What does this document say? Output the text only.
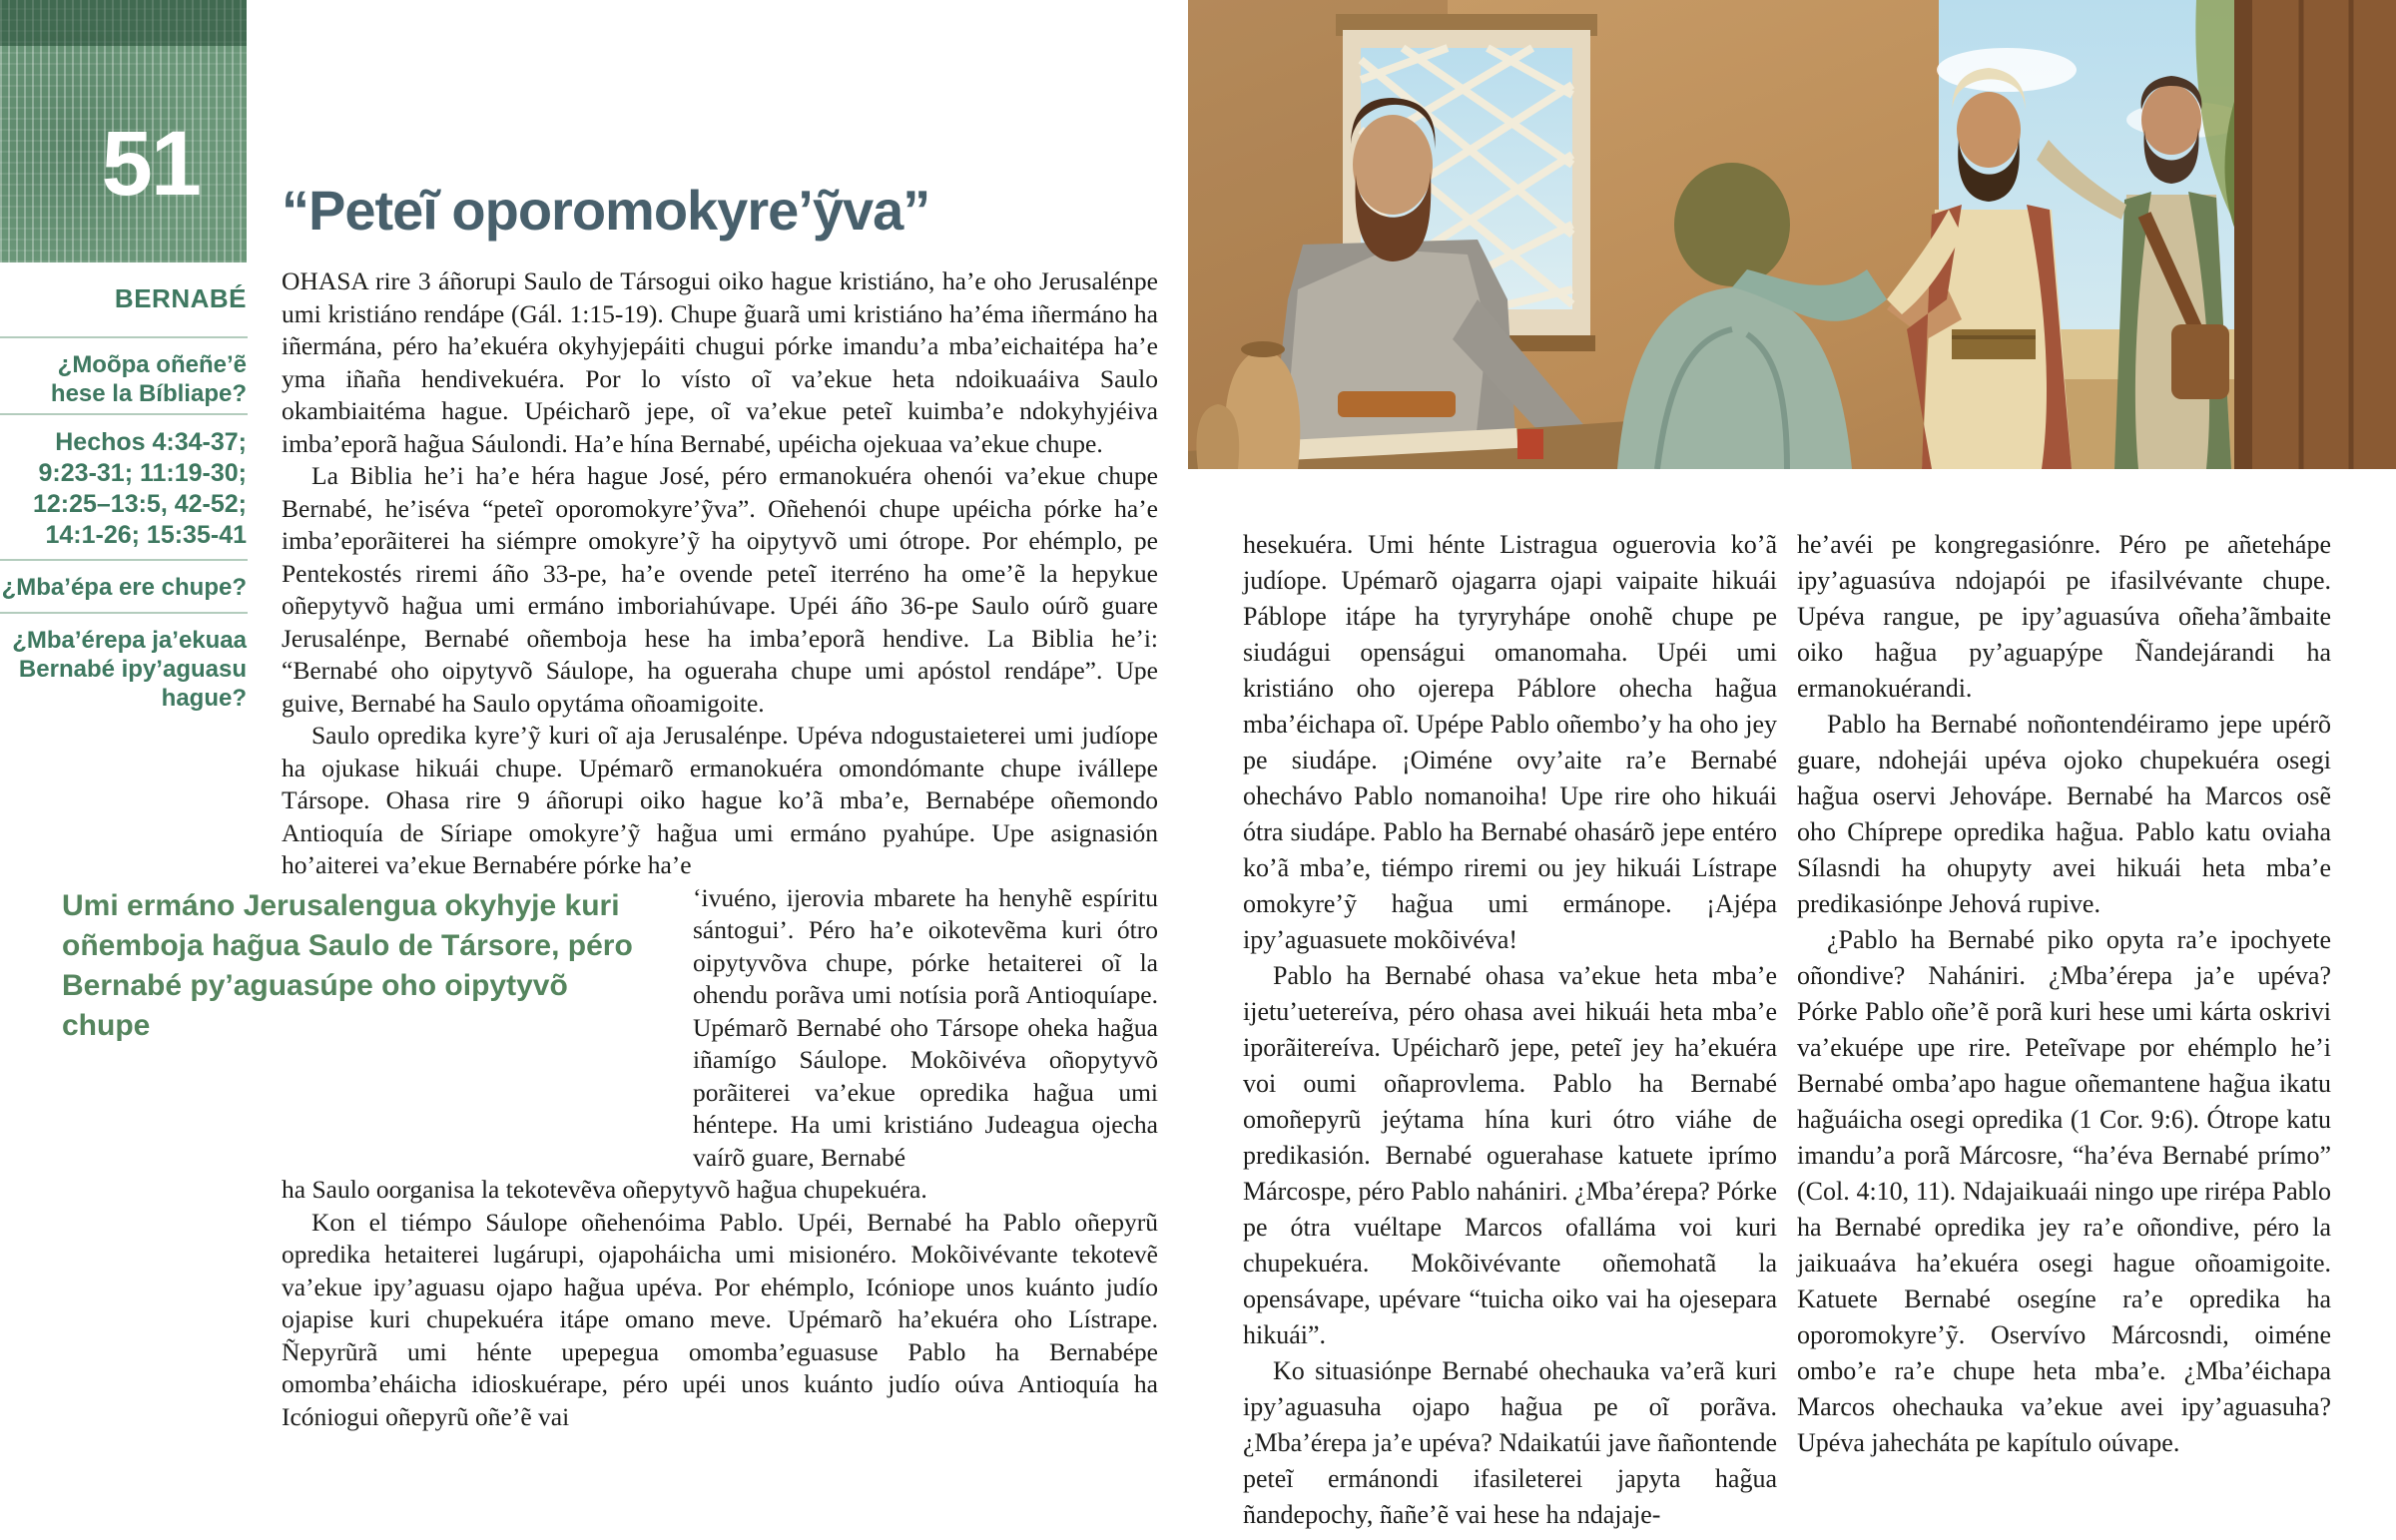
51
BERNABÉ
¿Moõpa oñeñe’ẽ hese la Bíbliape?
Hechos 4:34-37; 9:23-31; 11:19-30; 12:25–13:5, 42-52; 14:1-26; 15:35-41
¿Mba’épa ere chupe?
¿Mba’érepa ja’ekuaa Bernabé ipy’aguasu hague?
“Peteĩ oporomokyre’ỹva”

OHASA rire 3 áñorupi Saulo de Társogui oiko hague kristiáno, ha’e oho Jerusalénpe umi kristiáno rendápe (Gál. 1:15-19). Chupe g̃uarã umi kristiáno ha’éma iñermáno ha iñermána, péro ha’ekuéra okyhyjepáiti chugui pórke imandu’a mba’eichaitépa ha’e yma iñaña hendivekuéra. Por lo vísto oĩ va’ekue heta ndoikuaáiva Saulo okambiaitéma hague. Upéicharõ jepe, oĩ va’ekue peteĩ kuimba’e ndokyhyjéiva imba’eporã hag̃ua Sáulondi. Ha’e hína Bernabé, upéicha ojekuaa va’ekue chupe.

La Biblia he’i ha’e héra hague José, péro ermanokuéra ohenói va’ekue chupe Bernabé, he’iséva “peteĩ oporomokyre’ỹva”. Oñehenói chupe upéicha pórke ha’e imba’eporãiterei ha siémpre omokyre’ỹ ha oipytyvõ umi ótrope. Por ehémplo, pe Pentekostés riremi áño 33-pe, ha’e ovende peteĩ iterréno ha ome’ẽ la hepykue oñepytyvõ hag̃ua umi ermáno imboriahúvape. Upéi áño 36-pe Saulo oúrõ guare Jerusalénpe, Bernabé oñemboja hese ha imba’eporã hendive. La Biblia he’i: “Bernabé oho oipytyvõ Sáulope, ha ogueraha chupe umi apóstol rendápe”. Upe guive, Bernabé ha Saulo opytáma oñoamigoite.

Saulo opredika kyre’ỹ kuri oĩ aja Jerusalénpe. Upéva ndogustaieterei umi judíope ha ojukase hikuái chupe. Upémarõ ermanokuéra omondómante chupe ivállepe Társope. Ohasa rire 9 áñorupi oiko hague ko’ã mba’e, Bernabépe oñemondo Antioquía de Síriape omokyre’ỹ hag̃ua umi ermáno pyahúpe. Upe asignasión ho’aiterei va’ekue Bernabére pórke ha’e

Umi ermáno Jerusalengua okyhyje kuri oñemboja hag̃ua Saulo de Társore, péro Bernabé py’aguasúpe oho oipytyvõ chupe

‘ivuéno, ijerovia mbarete ha henyhẽ espíritu sántogui’. Péro ha’e oikotevẽma kuri ótro oipytyvõva chupe, pórke hetaiterei oĩ la ohendu porãva umi notísia porã Antioquíape. Upémarõ Bernabé oho Társope oheka hag̃ua iñamígo Sáulope. Mokõivéva oñopytyvõ porãiterei va’ekue opredika hag̃ua umi héntepe. Ha umi kristiáno Judeagua ojecha vaírõ guare, Bernabé

ha Saulo oorganisa la tekotevẽva oñepytyvõ hag̃ua chupekuéra.

Kon el tiémpo Sáulope oñehenóima Pablo. Upéi, Bernabé ha Pablo oñepyrũ opredika hetaiterei lugárupi, ojapoháicha umi misionéro. Mokõivévante tekotevẽ va’ekue ipy’aguasu ojapo hag̃ua upéva. Por ehémplo, Icóniope unos kuánto judío ojapise kuri chupekuéra itápe omano meve. Upémarõ ha’ekuéra oho Lístrape. Ñepyrũrã umi hénte upepegua omomba’eguasuse Pablo ha Bernabépe omomba’eháicha idioskuérape, péro upéi unos kuánto judío oúva Antioquía ha Icóniogui oñepyrũ oñe’ẽ vai

hesekuéra. Umi hénte Listragua oguerovia ko’ã judíope. Upémarõ ojagarra ojapi vaipaite hikuái Páblope itápe ha tyryryhápe onohẽ chupe pe siudágui openságui omanomaha. Upéi umi kristiáno oho ojerepa Páblore ohecha hag̃ua mba’éichapa oĩ. Upépe Pablo oñembo’y ha oho jey pe siudápe. ¡Oiméne ovy’aite ra’e Bernabé ohechávo Pablo nomanoiha! Upe rire oho hikuái ótra siudápe. Pablo ha Bernabé ohasárõ jepe entéro ko’ã mba’e, tiémpo riremi ou jey hikuái Lístrape omokyre’ỹ hag̃ua umi ermánope. ¡Ajépa ipy’aguasuete mokõivéva!

Pablo ha Bernabé ohasa va’ekue heta mba’e ijetu’uetereíva, péro ohasa avei hikuái heta mba’e iporãitereíva. Upéicharõ jepe, peteĩ jey ha’ekuéra voi oumi oñaprovlema. Pablo ha Bernabé omoñepyrũ jeýtama hína kuri ótro viáhe de predikasión. Bernabé oguerahase katuete iprímo Márcospe, péro Pablo nahániri. ¿Mba’érepa? Pórke pe ótra vuéltape Marcos ofalláma voi kuri chupekuéra. Mokõivévante oñemohatã la opensávape, upévare “tuicha oiko vai ha ojesepara hikuái”.

Ko situasiónpe Bernabé ohechauka va’erã kuri ipy’aguasuha ojapo hag̃ua pe oĩ porãva. ¿Mba’érepa ja’e upéva? Ndaikatúi jave ñañontende peteĩ ermánondi ifasileterei japyta hag̃ua ñandepochy, ñañe’ẽ vai hese ha ndajaje-

he’avéi pe kongregasiónre. Péro pe añetehápe ipy’aguasúva ndojapói pe ifasilvévante chupe. Upéva rangue, pe ipy’aguasúva oñeha’ãmbaite oiko hag̃ua py’aguapýpe Ñandejárandi ha ermanokuérandi.

Pablo ha Bernabé noñontendéiramo jepe upérõ guare, ndohejái upéva ojoko chupekuéra osegi hag̃ua oservi Jehovápe. Bernabé ha Marcos osẽ oho Chíprepe opredika hag̃ua. Pablo katu oviaha Sílasndi ha ohupyty avei hikuái heta mba’e predikasiónpe Jehová rupive.

¿Pablo ha Bernabé piko opyta ra’e ipochyete oñondive? Nahániri. ¿Mba’érepa ja’e upéva? Pórke Pablo oñe’ẽ porã kuri hese umi kárta oskrivi va’ekuépe upe rire. Peteĩvape por ehémplo he’i Bernabé omba’apo hague oñemantene hag̃ua ikatu hag̃uáicha osegi opredika (1 Cor. 9:6). Ótrope katu imandu’a porã Márcosre, “ha’éva Bernabé prímo” (Col. 4:10, 11). Ndajaikuaái ningo upe rirépa Pablo ha Bernabé opredika jey ra’e oñondive, péro la jaikuaáva ha’ekuéra osegi hague oñoamigoite. Katuete Bernabé osegíne ra’e opredika ha oporomokyre’ỹ. Oservívo Márcosndi, oiméne ombo’e ra’e chupe heta mba’e. ¿Mba’éichapa Marcos ohechauka va’ekue avei ipy’aguasuha? Upéva jahecháta pe kapítulo oúvape.
